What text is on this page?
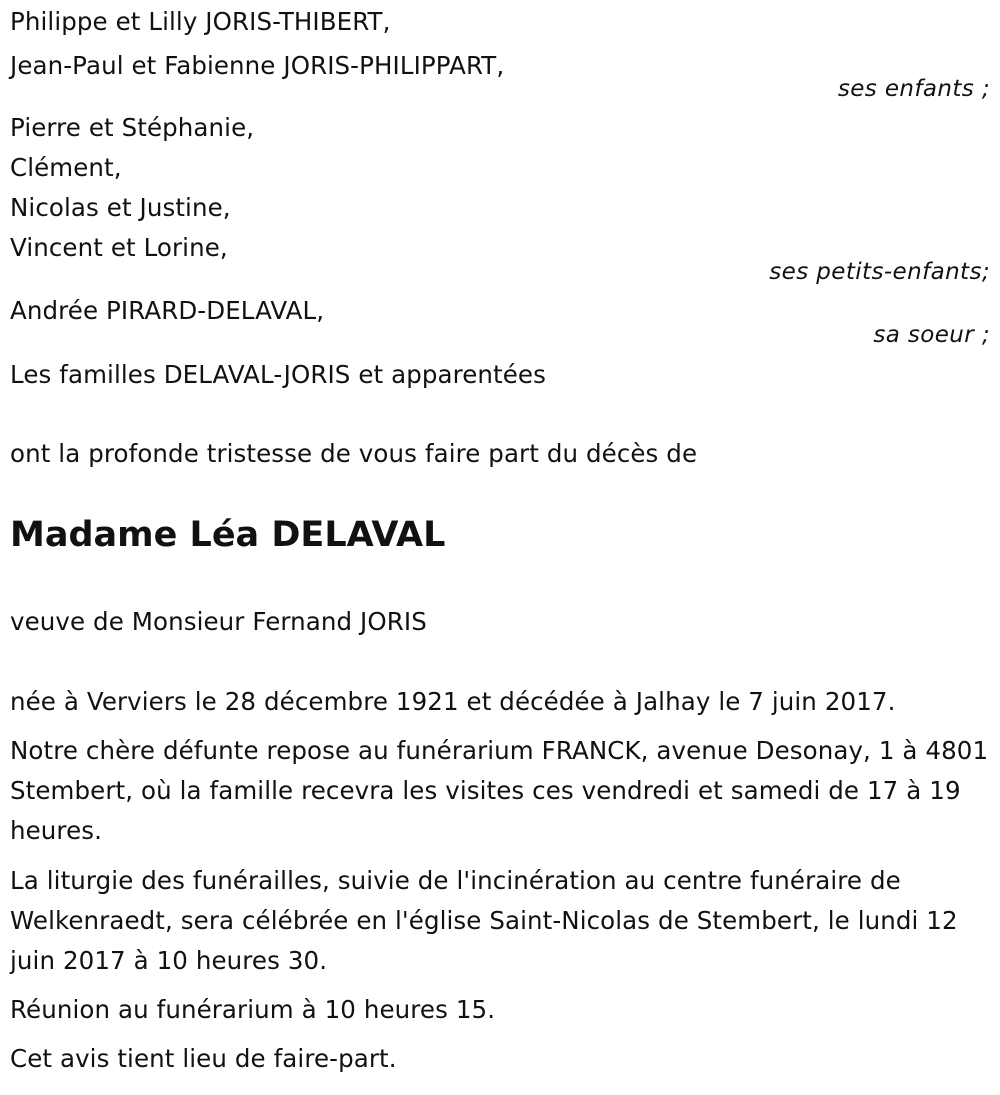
Philippe et Lilly JORIS-THIBERT,
Jean-Paul et Fabienne JORIS-PHILIPPART,
ses enfants ;
Pierre et Stéphanie,
Clément,
Nicolas et Justine,
Vincent et Lorine,
ses petits-enfants;
Andrée PIRARD-DELAVAL,
sa soeur ;
Les familles DELAVAL-JORIS et apparentées
ont la profonde tristesse de vous faire part du décès de
Madame Léa DELAVAL
veuve de Monsieur Fernand JORIS
née à Verviers le 28 décembre 1921 et décédée à Jalhay le 7 juin 2017.
Notre chère défunte repose au funérarium FRANCK, avenue Desonay, 1 à 4801 Stembert, où la famille recevra les visites ces vendredi et samedi de 17 à 19 heures.
La liturgie des funérailles, suivie de l'incinération au centre funéraire de Welkenraedt, sera célébrée en l'église Saint-Nicolas de Stembert, le lundi 12 juin 2017 à 10 heures 30.
Réunion au funérarium à 10 heures 15.
Cet avis tient lieu de faire-part.
